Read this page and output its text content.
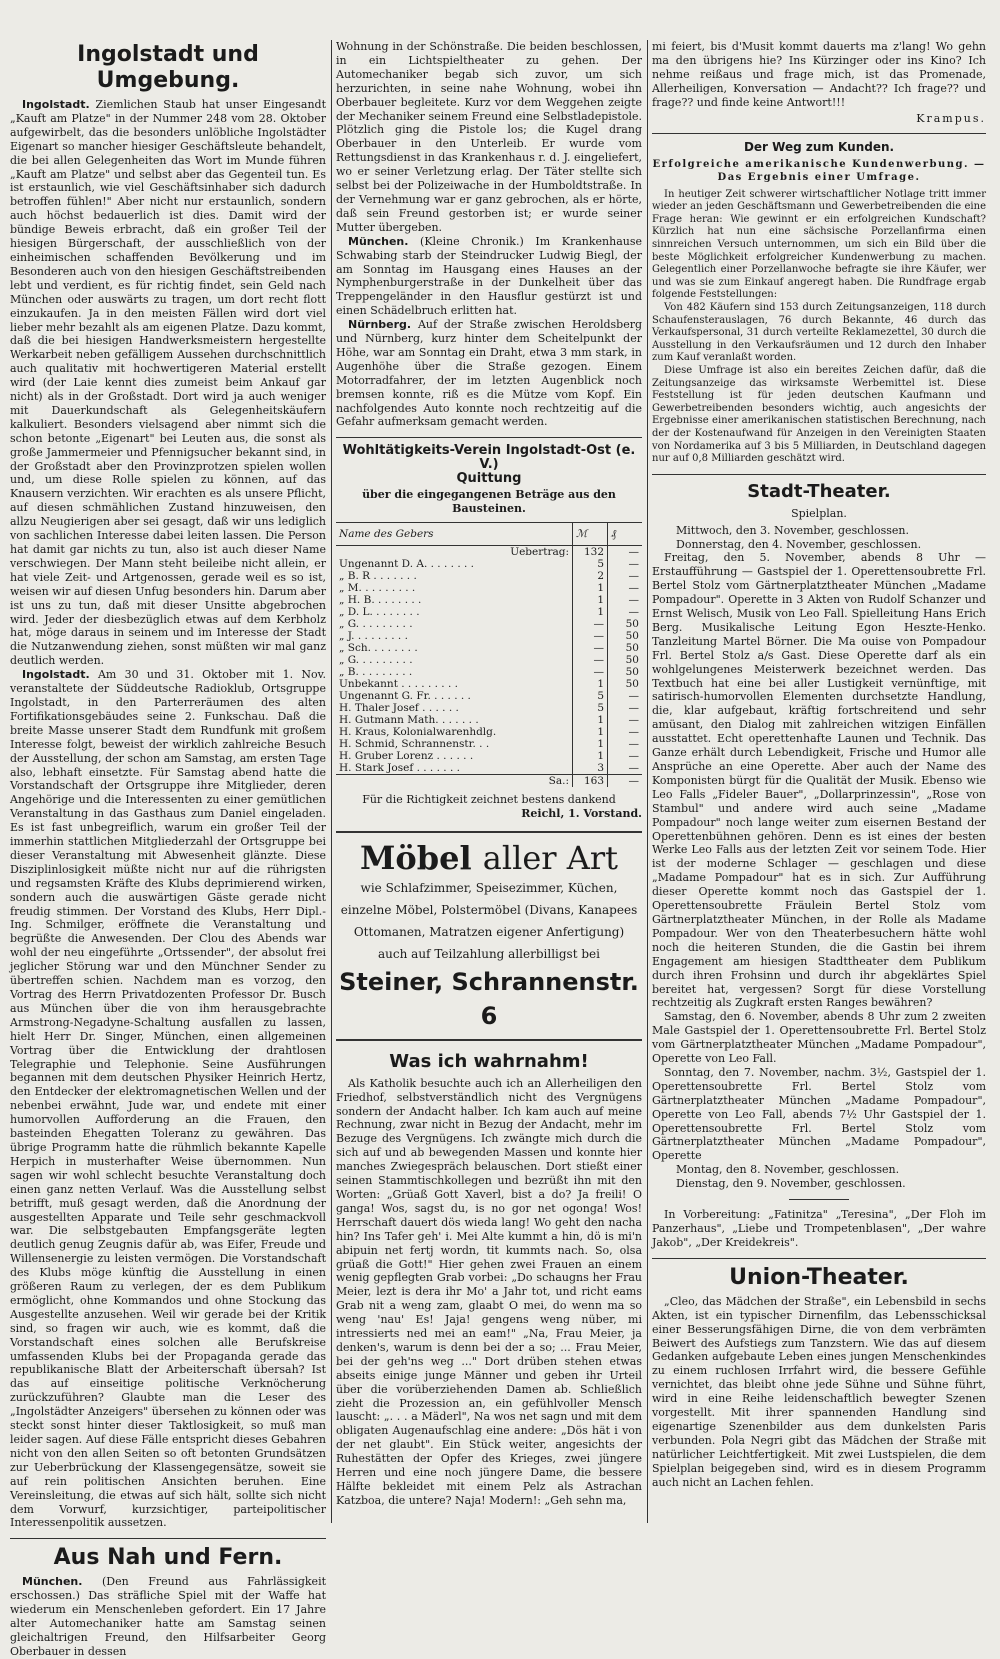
Ingolstadt und Umgebung.

Ingolstadt. Ziemlichen Staub hat unser Eingesandt „Kauft am Platze" in der Nummer 248 vom 28. Oktober aufgewirbelt, das die besonders unlöbliche Ingolstädter Eigenart so mancher hiesiger Geschäftsleute behandelt, die bei allen Gelegenheiten das Wort im Munde führen „Kauft am Platze" und selbst aber das Gegenteil tun. Es ist erstaunlich, wie viel Geschäftsinhaber sich dadurch betroffen fühlen!" Aber nicht nur erstaunlich, sondern auch höchst bedauerlich ist dies. Damit wird der bündige Beweis erbracht, daß ein großer Teil der hiesigen Bürgerschaft, der ausschließlich von der einheimischen schaffenden Bevölkerung und im Besonderen auch von den hiesigen Geschäftstreibenden lebt und verdient, es für richtig findet, sein Geld nach München oder auswärts zu tragen, um dort recht flott einzukaufen. Ja in den meisten Fällen wird dort viel lieber mehr bezahlt als am eigenen Platze. Dazu kommt, daß die bei hiesigen Handwerksmeistern hergestellte Werkarbeit neben gefälligem Aussehen durchschnittlich auch qualitativ mit hochwertigeren Material erstellt wird (der Laie kennt dies zumeist beim Ankauf gar nicht) als in der Großstadt. Dort wird ja auch weniger mit Dauerkundschaft als Gelegenheitskäufern kalkuliert. Besonders vielsagend aber nimmt sich die schon betonte „Eigenart" bei Leuten aus, die sonst als große Jammermeier und Pfennigsucher bekannt sind, in der Großstadt aber den Provinzprotzen spielen wollen und, um diese Rolle spielen zu können, auf das Knausern verzichten. Wir erachten es als unsere Pflicht, auf diesen schmählichen Zustand hinzuweisen, den allzu Neugierigen aber sei gesagt, daß wir uns lediglich von sachlichen Interesse dabei leiten lassen. Die Person hat damit gar nichts zu tun, also ist auch dieser Name verschwiegen. Der Mann steht beileibe nicht allein, er hat viele Zeit- und Artgenossen, gerade weil es so ist, weisen wir auf diesen Unfug besonders hin. Darum aber ist uns zu tun, daß mit dieser Unsitte abgebrochen wird. Jeder der diesbezüglich etwas auf dem Kerbholz hat, möge daraus in seinem und im Interesse der Stadt die Nutzanwendung ziehen, sonst müßten wir mal ganz deutlich werden.

Ingolstadt. Am 30 und 31. Oktober mit 1. Nov. veranstaltete der Süddeutsche Radioklub, Ortsgruppe Ingolstadt, in den Parterreräumen des alten Fortifikationsgebäudes seine 2. Funkschau. Daß die breite Masse unserer Stadt dem Rundfunk mit großem Interesse folgt, beweist der wirklich zahlreiche Besuch der Ausstellung, der schon am Samstag, am ersten Tage also, lebhaft einsetzte. Für Samstag abend hatte die Vorstandschaft der Ortsgruppe ihre Mitglieder, deren Angehörige und die Interessenten zu einer gemütlichen Veranstaltung in das Gasthaus zum Daniel eingeladen. Es ist fast unbegreiflich, warum ein großer Teil der immerhin stattlichen Mitgliederzahl der Ortsgruppe bei dieser Veranstaltung mit Abwesenheit glänzte. Diese Disziplinlosigkeit müßte nicht nur auf die rührigsten und regsamsten Kräfte des Klubs deprimierend wirken, sondern auch die auswärtigen Gäste gerade nicht freudig stimmen. Der Vorstand des Klubs, Herr Dipl.-Ing. Schmilger, eröffnete die Veranstaltung und begrüßte die Anwesenden. Der Clou des Abends war wohl der neu eingeführte „Ortssender", der absolut frei jeglicher Störung war und den Münchner Sender zu übertreffen schien. Nachdem man es vorzog, den Vortrag des Herrn Privatdozenten Professor Dr. Busch aus München über die von ihm herausgebrachte Armstrong-Negadyne-Schaltung ausfallen zu lassen, hielt Herr Dr. Singer, München, einen allgemeinen Vortrag über die Entwicklung der drahtlosen Telegraphie und Telephonie. Seine Ausführungen begannen mit dem deutschen Physiker Heinrich Hertz, den Entdecker der elektromagnetischen Wellen und der nebenbei erwähnt, Jude war, und endete mit einer humorvollen Aufforderung an die Frauen, den basteinden Ehegatten Toleranz zu gewähren. Das übrige Programm hatte die rühmlich bekannte Kapelle Herpich in musterhafter Weise übernommen. Nun sagen wir wohl schlecht besuchte Veranstaltung doch einen ganz netten Verlauf. Was die Ausstellung selbst betrifft, muß gesagt werden, daß die Anordnung der ausgestellten Apparate und Teile sehr geschmackvoll war. Die selbstgebauten Empfangsgeräte legten deutlich genug Zeugnis dafür ab, was Eifer, Freude und Willensenergie zu leisten vermögen. Die Vorstandschaft des Klubs möge künftig die Ausstellung in einen größeren Raum zu verlegen, der es dem Publikum ermöglicht, ohne Kommandos und ohne Stockung das Ausgestellte anzusehen. Weil wir gerade bei der Kritik sind, so fragen wir auch, wie es kommt, daß die Vorstandschaft eines solchen alle Berufskreise umfassenden Klubs bei der Propaganda gerade das republikanische Blatt der Arbeiterschaft übersah? Ist das auf einseitige politische Verknöcherung zurückzuführen? Glaubte man die Leser des „Ingolstädter Anzeigers" übersehen zu können oder was steckt sonst hinter dieser Taktlosigkeit, so muß man leider sagen. Auf diese Fälle entspricht dieses Gebahren nicht von den allen Seiten so oft betonten Grundsätzen zur Ueberbrückung der Klassengegensätze, soweit sie auf rein politischen Ansichten beruhen. Eine Vereinsleitung, die etwas auf sich hält, sollte sich nicht dem Vorwurf, kurzsichtiger, parteipolitischer Interessenpolitik aussetzen.

Aus Nah und Fern.

München. (Den Freund aus Fahrlässigkeit erschossen.) Das sträfliche Spiel mit der Waffe hat wiederum ein Menschenleben gefordert. Ein 17 Jahre alter Automechaniker hatte am Samstag seinen gleichaltrigen Freund, den Hilfsarbeiter Georg Oberbauer in dessen

Wohnung in der Schönstraße. Die beiden beschlossen, in ein Lichtspieltheater zu gehen. Der Automechaniker begab sich zuvor, um sich herzurichten, in seine nahe Wohnung, wobei ihn Oberbauer begleitete. Kurz vor dem Weggehen zeigte der Mechaniker seinem Freund eine Selbstladepistole. Plötzlich ging die Pistole los; die Kugel drang Oberbauer in den Unterleib. Er wurde vom Rettungsdienst in das Krankenhaus r. d. J. eingeliefert, wo er seiner Verletzung erlag. Der Täter stellte sich selbst bei der Polizeiwache in der Humboldtstraße. In der Vernehmung war er ganz gebrochen, als er hörte, daß sein Freund gestorben ist; er wurde seiner Mutter übergeben.

München. (Kleine Chronik.) Im Krankenhause Schwabing starb der Steindrucker Ludwig Biegl, der am Sonntag im Hausgang eines Hauses an der Nymphenburgerstraße in der Dunkelheit über das Treppengeländer in den Hausflur gestürzt ist und einen Schädelbruch erlitten hat.

Nürnberg. Auf der Straße zwischen Heroldsberg und Nürnberg, kurz hinter dem Scheitelpunkt der Höhe, war am Sonntag ein Draht, etwa 3 mm stark, in Augenhöhe über die Straße gezogen. Einem Motorradfahrer, der im letzten Augenblick noch bremsen konnte, riß es die Mütze vom Kopf. Ein nachfolgendes Auto konnte noch rechtzeitig auf die Gefahr aufmerksam gemacht werden.

Wohltätigkeits-Verein Ingolstadt-Ost (e. V.)
Quittung
über die eingegangenen Beträge aus den Bausteinen.
Name des Gebers	ℳ	₰
Uebertrag:	132	—
Ungenannt D. A. . . . . . . .	5	—
„ B. R . . . . . . .	2	—
„ M. . . . . . . . .	1	—
„ H. B. . . . . . . .	1	—
„ D. L. . . . . . . .	1	—
„ G. . . . . . . . .	—	50
„ J. . . . . . . . .	—	50
„ Sch. . . . . . . .	—	50
„ G. . . . . . . . .	—	50
„ B. . . . . . . . .	—	50
Unbekannt . . . . . . . . .	1	50
Ungenannt G. Fr. . . . . . .	5	—
H. Thaler Josef . . . . . .	5	—
H. Gutmann Math. . . . . . .	1	—
H. Kraus, Kolonialwarenhdlg.	1	—
H. Schmid, Schrannenstr. . .	1	—
H. Gruber Lorenz . . . . . .	1	—
H. Stark Josef . . . . . . .	3	—
Sa.:	163	—
Für die Richtigkeit zeichnet bestens dankend
Reichl, 1. Vorstand.
Möbel aller Art
wie Schlafzimmer, Speisezimmer, Küchen, einzelne Möbel, Polstermöbel (Divans, Kanapees
Ottomanen, Matratzen eigener Anfertigung)
auch auf Teilzahlung allerbilligst bei
Steiner, Schrannenstr. 6
Was ich wahrnahm!

Als Katholik besuchte auch ich an Allerheiligen den Friedhof, selbstverständlich nicht des Vergnügens sondern der Andacht halber. Ich kam auch auf meine Rechnung, zwar nicht in Bezug der Andacht, mehr im Bezuge des Vergnügens. Ich zwängte mich durch die sich auf und ab bewegenden Massen und konnte hier manches Zwiegespräch belauschen. Dort stießt einer seinen Stammtischkollegen und bezrüßt ihn mit den Worten: „Grüaß Gott Xaverl, bist a do? Ja freili! O ganga! Wos, sagst du, is no gor net ogonga! Wos! Herrschaft dauert dös wieda lang! Wo geht den nacha hin? Ins Tafer geh' i. Mei Alte kummt a hin, dö is mi'n abipuin net fertj wordn, tit kummts nach. So, olsa grüaß die Gott!" Hier gehen zwei Frauen an einem wenig gepflegten Grab vorbei: „Do schaugns her Frau Meier, lezt is dera ihr Mo' a Jahr tot, und richt eams Grab nit a weng zam, glaabt O mei, do wenn ma so weng 'nau' Es! Jaja! gengens weng nüber, mi intressierts ned mei an eam!" „Na, Frau Meier, ja denken's, warum is denn bei der a so; ... Frau Meier, bei der geh'ns weg ..." Dort drüben stehen etwas abseits einige junge Männer und geben ihr Urteil über die vorüberziehenden Damen ab. Schließlich zieht die Prozession an, ein gefühlvoller Mensch lauscht: „. . . a Mäderl", Na wos net sagn und mit dem obligaten Augenaufschlag eine andere: „Dös hät i von der net glaubt". Ein Stück weiter, angesichts der Ruhestätten der Opfer des Krieges, zwei jüngere Herren und eine noch jüngere Dame, die bessere Hälfte bekleidet mit einem Pelz als Astrachan Katzboa, die untere? Naja! Modern!: „Geh sehn ma,

mi feiert, bis d'Musit kommt dauerts ma z'lang! Wo gehn ma den übrigens hie? Ins Kürzinger oder ins Kino? Ich nehme reißaus und frage mich, ist das Promenade, Allerheiligen, Konversation — Andacht?? Ich frage?? und frage?? und finde keine Antwort!!!

Krampus.
Der Weg zum Kunden.
Erfolgreiche amerikanische Kundenwerbung. — Das Ergebnis einer Umfrage.

In heutiger Zeit schwerer wirtschaftlicher Notlage tritt immer wieder an jeden Geschäftsmann und Gewerbetreibenden die eine Frage heran: Wie gewinnt er ein erfolgreichen Kundschaft? Kürzlich hat nun eine sächsische Porzellanfirma einen sinnreichen Versuch unternommen, um sich ein Bild über die beste Möglichkeit erfolgreicher Kundenwerbung zu machen. Gelegentlich einer Porzellanwoche befragte sie ihre Käufer, wer und was sie zum Einkauf angeregt haben. Die Rundfrage ergab folgende Feststellungen:

Von 482 Käufern sind 153 durch Zeitungsanzeigen, 118 durch Schaufensterauslagen, 76 durch Bekannte, 46 durch das Verkaufspersonal, 31 durch verteilte Reklamezettel, 30 durch die Ausstellung in den Verkaufsräumen und 12 durch den Inhaber zum Kauf veranlaßt worden.

Diese Umfrage ist also ein bereites Zeichen dafür, daß die Zeitungsanzeige das wirksamste Werbemittel ist. Diese Feststellung ist für jeden deutschen Kaufmann und Gewerbetreibenden besonders wichtig, auch angesichts der Ergebnisse einer amerikanischen statistischen Berechnung, nach der der Kostenaufwand für Anzeigen in den Vereinigten Staaten von Nordamerika auf 3 bis 5 Milliarden, in Deutschland dagegen nur auf 0,8 Milliarden geschätzt wird.

Stadt-Theater.
Spielplan.

Mittwoch, den 3. November, geschlossen.

Donnerstag, den 4. November, geschlossen.

Freitag, den 5. November, abends 8 Uhr — Erstaufführung — Gastspiel der 1. Operettensoubrette Frl. Bertel Stolz vom Gärtnerplatztheater München „Madame Pompadour". Operette in 3 Akten von Rudolf Schanzer und Ernst Welisch, Musik von Leo Fall. Spielleitung Hans Erich Berg. Musikalische Leitung Egon Heszte-Henko. Tanzleitung Martel Börner. Die Ma ouise von Pompadour Frl. Bertel Stolz a/s Gast. Diese Operette darf als ein wohlgelungenes Meisterwerk bezeichnet werden. Das Textbuch hat eine bei aller Lustigkeit vernünftige, mit satirisch-humorvollen Elementen durchsetzte Handlung, die, klar aufgebaut, kräftig fortschreitend und sehr amüsant, den Dialog mit zahlreichen witzigen Einfällen ausstattet. Echt operettenhafte Launen und Technik. Das Ganze erhält durch Lebendigkeit, Frische und Humor alle Ansprüche an eine Operette. Aber auch der Name des Komponisten bürgt für die Qualität der Musik. Ebenso wie Leo Falls „Fideler Bauer", „Dollarprinzessin", „Rose von Stambul" und andere wird auch seine „Madame Pompadour" noch lange weiter zum eisernen Bestand der Operettenbühnen gehören. Denn es ist eines der besten Werke Leo Falls aus der letzten Zeit vor seinem Tode. Hier ist der moderne Schlager — geschlagen und diese „Madame Pompadour" hat es in sich. Zur Aufführung dieser Operette kommt noch das Gastspiel der 1. Operettensoubrette Fräulein Bertel Stolz vom Gärtnerplatztheater München, in der Rolle als Madame Pompadour. Wer von den Theaterbesuchern hätte wohl noch die heiteren Stunden, die die Gastin bei ihrem Engagement am hiesigen Stadttheater dem Publikum durch ihren Frohsinn und durch ihr abgeklärtes Spiel bereitet hat, vergessen? Sorgt für diese Vorstellung rechtzeitig als Zugkraft ersten Ranges bewähren?

Samstag, den 6. November, abends 8 Uhr zum 2 zweiten Male Gastspiel der 1. Operettensoubrette Frl. Bertel Stolz vom Gärtnerplatztheater München „Madame Pompadour", Operette von Leo Fall.

Sonntag, den 7. November, nachm. 3½, Gastspiel der 1. Operettensoubrette Frl. Bertel Stolz vom Gärtnerplatztheater München „Madame Pompadour", Operette von Leo Fall, abends 7½ Uhr Gastspiel der 1. Operettensoubrette Frl. Bertel Stolz vom Gärtnerplatztheater München „Madame Pompadour", Operette

Montag, den 8. November, geschlossen.

Dienstag, den 9. November, geschlossen.

In Vorbereitung: „Fatinitza" „Teresina", „Der Floh im Panzerhaus", „Liebe und Trompetenblasen", „Der wahre Jakob", „Der Kreidekreis".

Union-Theater.

„Cleo, das Mädchen der Straße", ein Lebensbild in sechs Akten, ist ein typischer Dirnenfilm, das Lebensschicksal einer Besserungsfähigen Dirne, die von dem verbrämten Beiwert des Aufstiegs zum Tanzstern. Wie das auf diesem Gedanken aufgebaute Leben eines jungen Menschenkindes zu einem ruchlosen Irrfahrt wird, die bessere Gefühle vernichtet, das bleibt ohne jede Sühne und Sühne führt, wird in eine Reihe leidenschaftlich bewegter Szenen vorgestellt. Mit ihrer spannenden Handlung sind eigenartige Szenenbilder aus dem dunkelsten Paris verbunden. Pola Negri gibt das Mädchen der Straße mit natürlicher Leichtfertigkeit. Mit zwei Lustspielen, die dem Spielplan beigegeben sind, wird es in diesem Programm auch nicht an Lachen fehlen.
